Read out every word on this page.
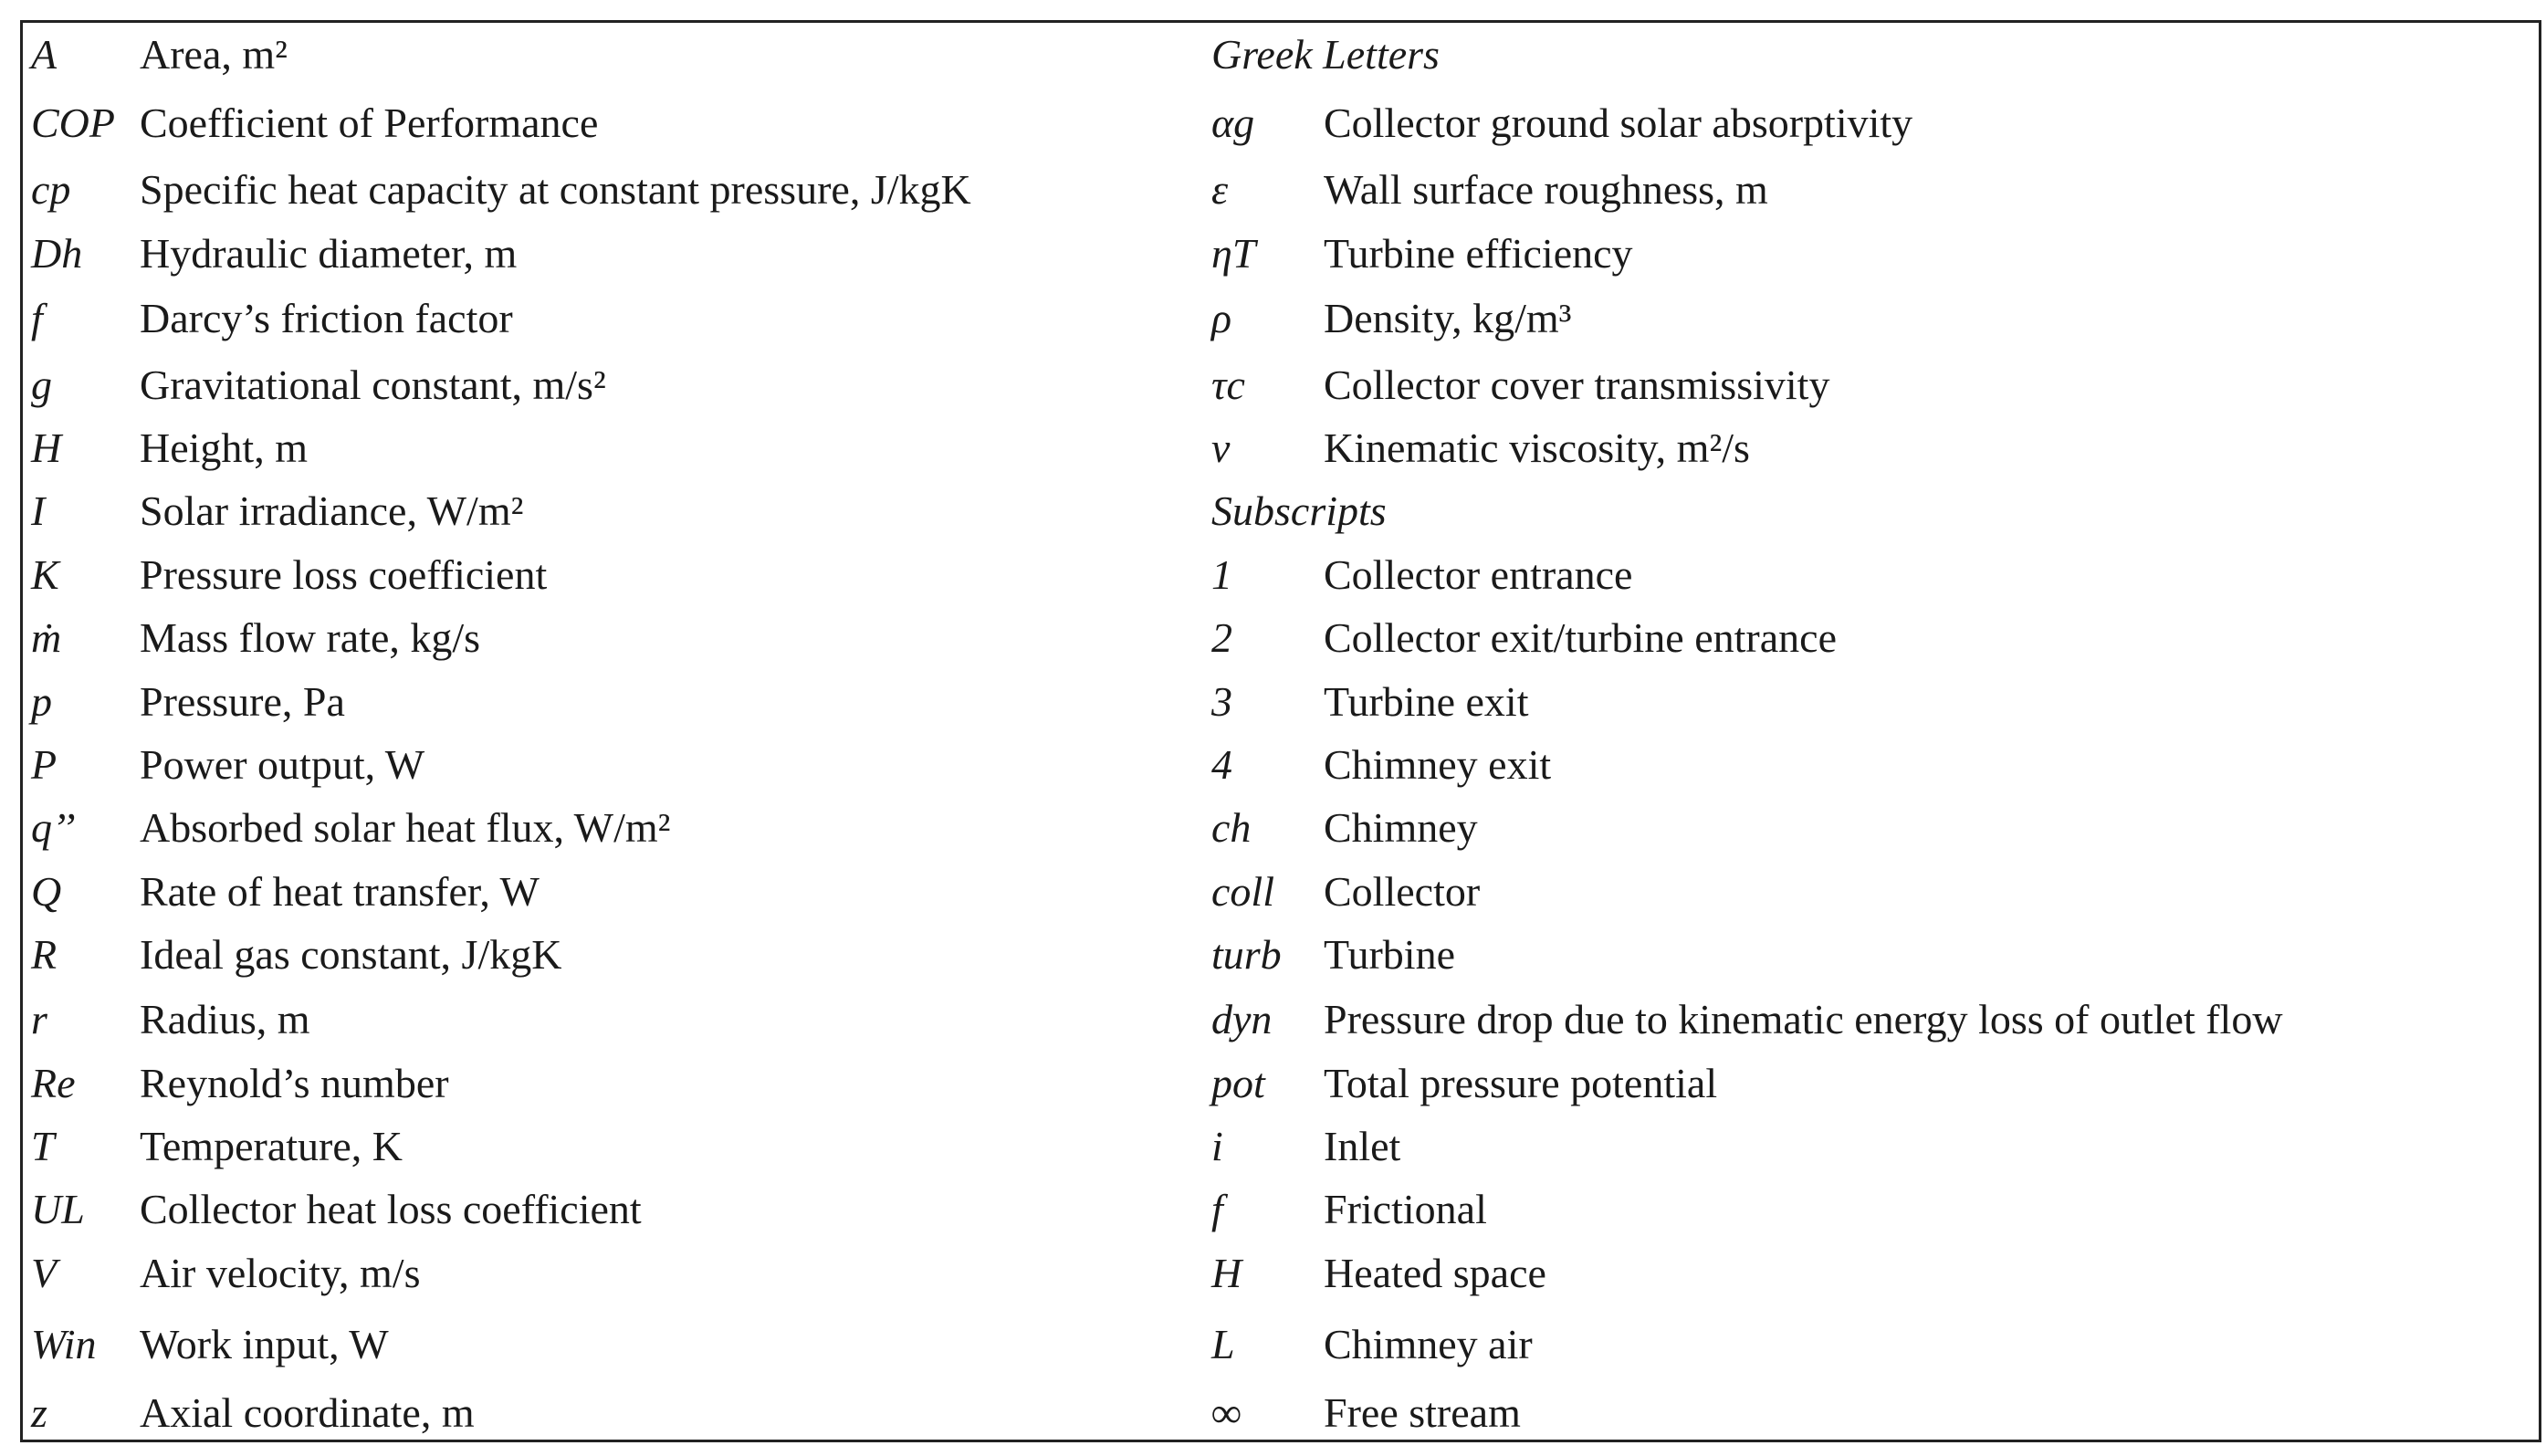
A Area, m²
COP Coefficient of Performance
cp Specific heat capacity at constant pressure, J/kgK
Dh Hydraulic diameter, m
f Darcy’s friction factor
g Gravitational constant, m/s²
H Height, m
I Solar irradiance, W/m²
K Pressure loss coefficient
ṁ Mass flow rate, kg/s
p Pressure, Pa
P Power output, W
q’’ Absorbed solar heat flux, W/m²
Q Rate of heat transfer, W
R Ideal gas constant, J/kgK
r Radius, m
Re Reynold’s number
T Temperature, K
UL Collector heat loss coefficient
V Air velocity, m/s
Win Work input, W
z Axial coordinate, m
Greek Letters
αg Collector ground solar absorptivity
ε Wall surface roughness, m
ηT Turbine efficiency
ρ Density, kg/m³
τc Collector cover transmissivity
ν Kinematic viscosity, m²/s
Subscripts
1 Collector entrance
2 Collector exit/turbine entrance
3 Turbine exit
4 Chimney exit
ch Chimney
coll Collector
turb Turbine
dyn Pressure drop due to kinematic energy loss of outlet flow
pot Total pressure potential
i Inlet
f Frictional
H Heated space
L Chimney air
∞ Free stream
